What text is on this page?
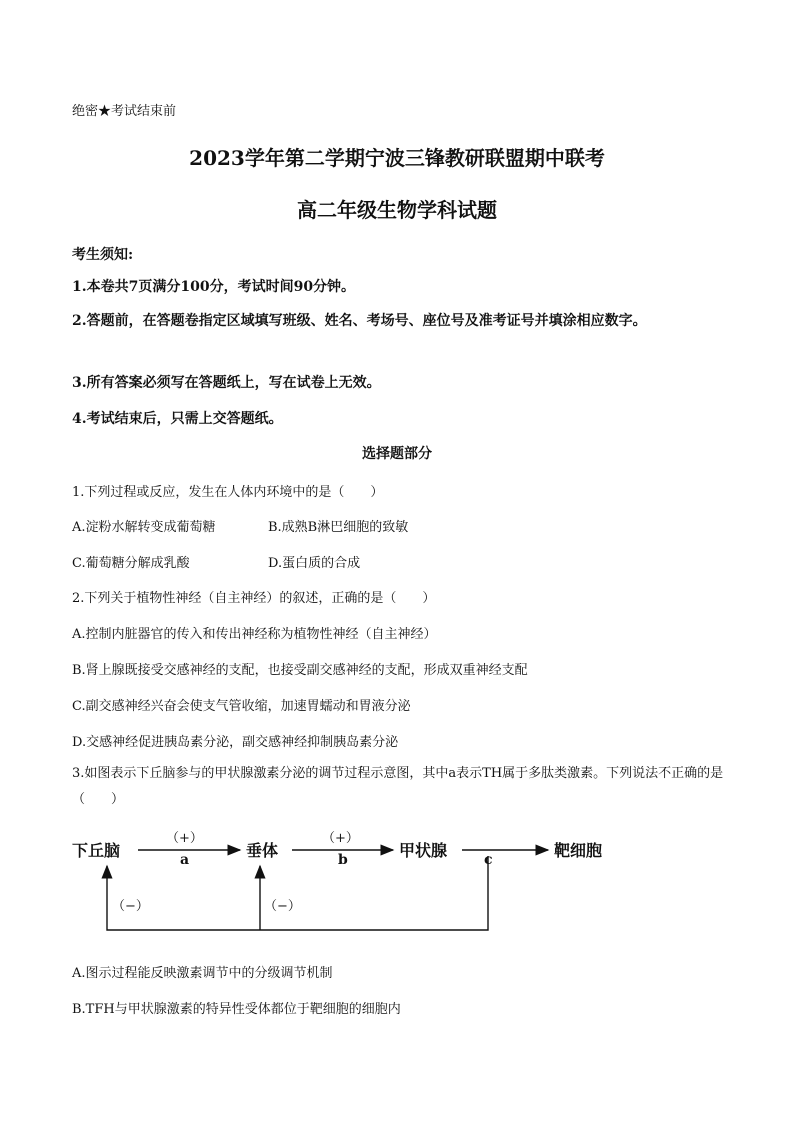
绝密★考试结束前
2023学年第二学期宁波三锋教研联盟期中联考
高二年级生物学科试题
考生须知:
1.本卷共7页满分100分，考试时间90分钟。
2.答题前，在答题卷指定区域填写班级、姓名、考场号、座位号及准考证号并填涂相应数字。
3.所有答案必须写在答题纸上，写在试卷上无效。
4.考试结束后，只需上交答题纸。
选择题部分
1.下列过程或反应，发生在人体内环境中的是（　　）
A.淀粉水解转变成葡萄糖	B.成熟B淋巴细胞的致敏
C.葡萄糖分解成乳酸	D.蛋白质的合成
2.下列关于植物性神经（自主神经）的叙述，正确的是（　　）
A.控制内脏器官的传入和传出神经称为植物性神经（自主神经）
B.肾上腺既接受交感神经的支配，也接受副交感神经的支配，形成双重神经支配
C.副交感神经兴奋会使支气管收缩，加速胃蠕动和胃液分泌
D.交感神经促进胰岛素分泌，副交感神经抑制胰岛素分泌
3.如图表示下丘脑参与的甲状腺激素分泌的调节过程示意图，其中a表示TH属于多肽类激素。下列说法不正确的是（　　）
下丘脑	垂体	甲状腺	靶细胞
（+）
a
（+）
b	c
（−）	（−）
A.图示过程能反映激素调节中的分级调节机制
B.TFH与甲状腺激素的特异性受体都位于靶细胞的细胞内
